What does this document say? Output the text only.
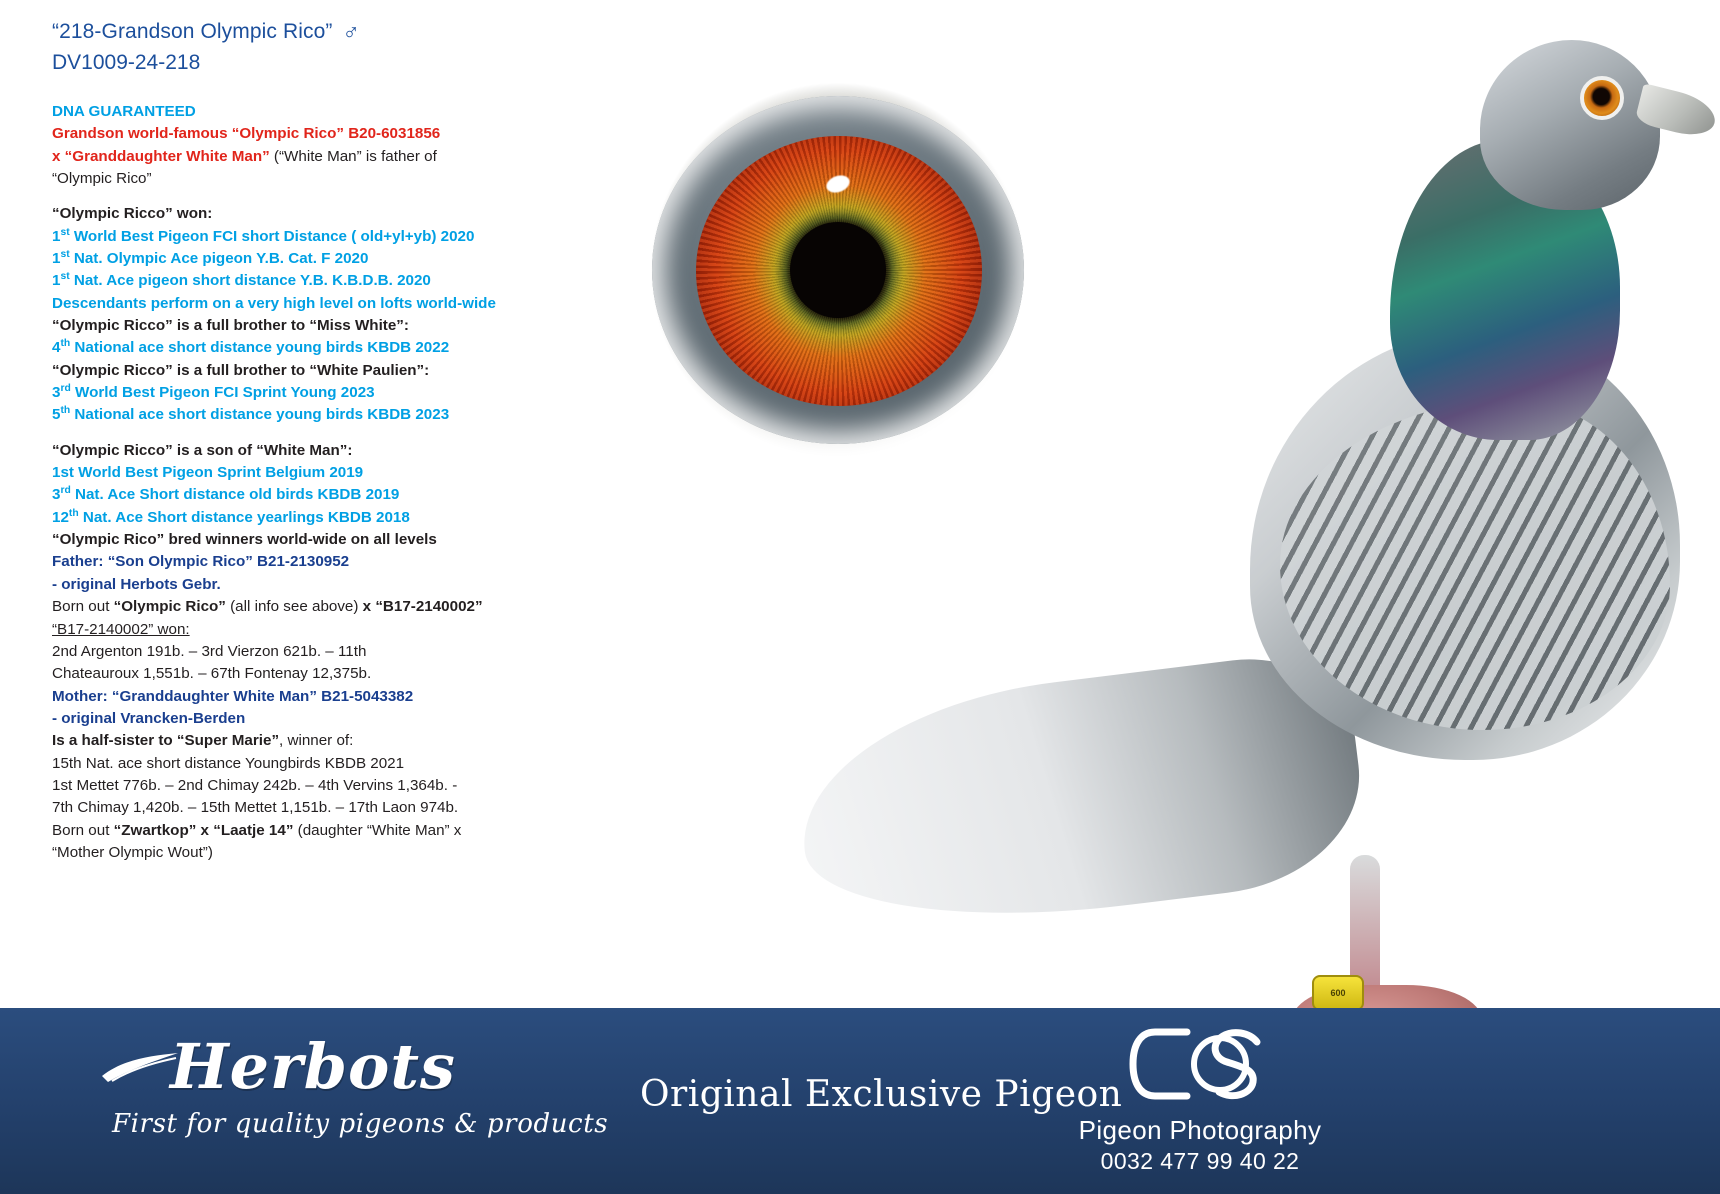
600
“218-Grandson Olympic Rico” ♂
DV1009-24-218
DNA GUARANTEED
Grandson world-famous “Olympic Rico” B20-6031856
x “Granddaughter White Man” (“White Man” is father of
“Olympic Rico”
“Olympic Ricco” won:
1st World Best Pigeon FCI short Distance ( old+yl+yb) 2020
1st Nat. Olympic Ace pigeon Y.B. Cat. F 2020
1st Nat. Ace pigeon short distance Y.B. K.B.D.B. 2020
Descendants perform on a very high level on lofts world-wide
“Olympic Ricco” is a full brother to “Miss White”:
4th National ace short distance young birds KBDB 2022
“Olympic Ricco” is a full brother to “White Paulien”:
3rd World Best Pigeon FCI Sprint Young 2023
5th National ace short distance young birds KBDB 2023
“Olympic Ricco” is a son of “White Man”:
1st World Best Pigeon Sprint Belgium 2019
3rd Nat. Ace Short distance old birds KBDB 2019
12th Nat. Ace Short distance yearlings KBDB 2018
“Olympic Rico” bred winners world-wide on all levels
Father: “Son Olympic Rico” B21-2130952
- original Herbots Gebr.
Born out “Olympic Rico” (all info see above) x “B17-2140002”
“B17-2140002” won:
2nd Argenton 191b. – 3rd Vierzon 621b. – 11th
Chateauroux 1,551b. – 67th Fontenay 12,375b.
Mother: “Granddaughter White Man” B21-5043382
- original Vrancken-Berden
Is a half-sister to “Super Marie”, winner of:
15th Nat. ace short distance Youngbirds KBDB 2021
1st Mettet 776b. – 2nd Chimay 242b. – 4th Vervins 1,364b. -
7th Chimay 1,420b. – 15th Mettet 1,151b. – 17th Laon 974b.
Born out “Zwartkop” x “Laatje 14” (daughter “White Man” x
“Mother Olympic Wout”)
Herbots
First for quality pigeons & products
Original Exclusive Pigeon
Pigeon Photography
0032 477 99 40 22
